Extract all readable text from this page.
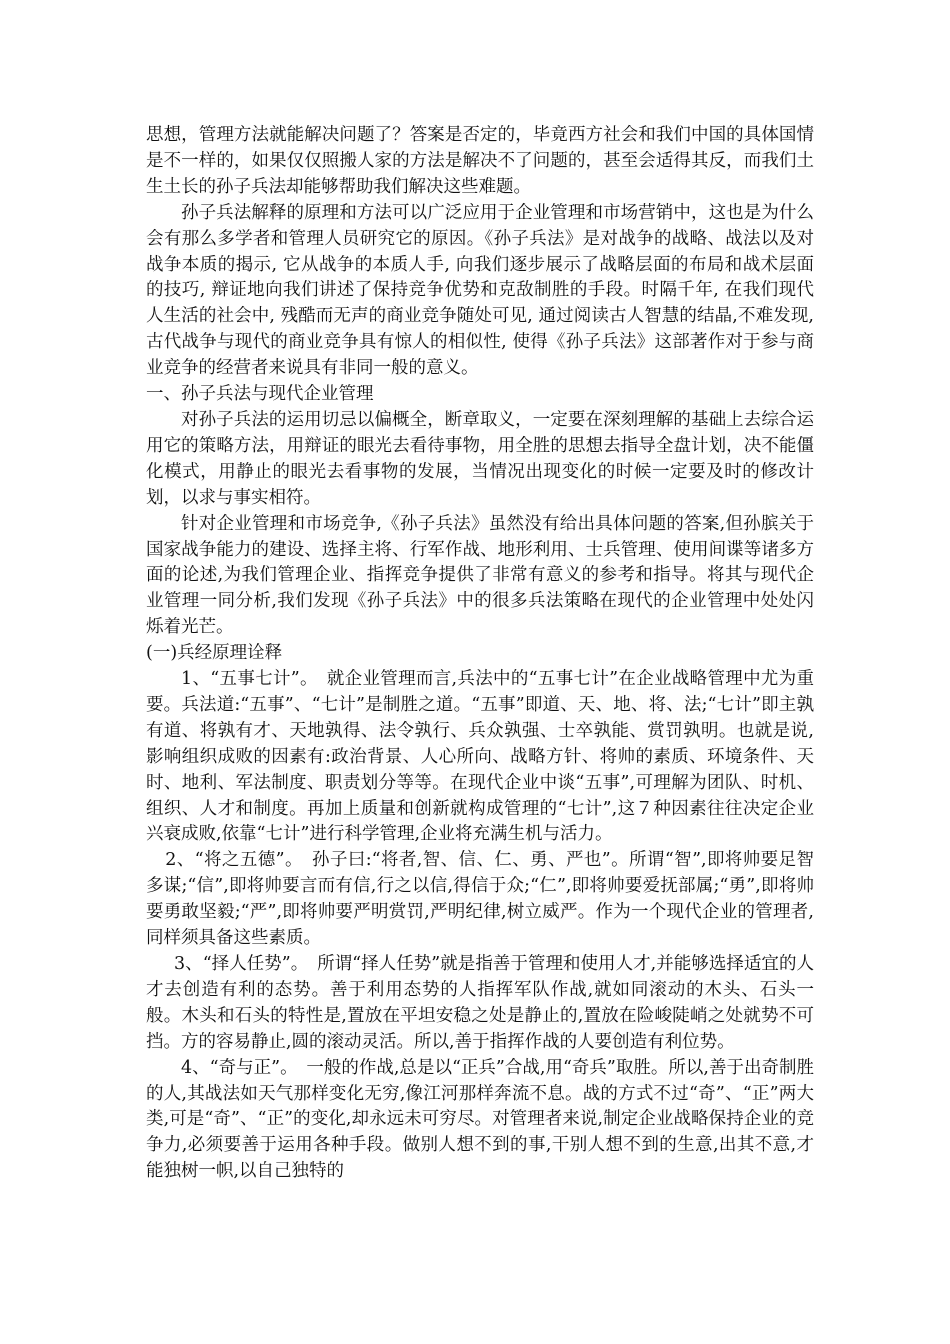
思想，管理方法就能解决问题了？答案是否定的，毕竟西方社会和我们中国的具体国情是不一样的，如果仅仅照搬人家的方法是解决不了问题的，甚至会适得其反，而我们土生土长的孙子兵法却能够帮助我们解决这些难题。

孙子兵法解释的原理和方法可以广泛应用于企业管理和市场营销中，这也是为什么会有那么多学者和管理人员研究它的原因。《孙子兵法》是对战争的战略、战法以及对战争本质的揭示, 它从战争的本质人手, 向我们逐步展示了战略层面的布局和战术层面的技巧, 辩证地向我们讲述了保持竞争优势和克敌制胜的手段。时隔千年, 在我们现代人生活的社会中, 残酷而无声的商业竞争随处可见, 通过阅读古人智慧的结晶,不难发现, 古代战争与现代的商业竞争具有惊人的相似性, 使得《孙子兵法》这部著作对于参与商业竞争的经营者来说具有非同一般的意义。

一、孙子兵法与现代企业管理

对孙子兵法的运用切忌以偏概全，断章取义，一定要在深刻理解的基础上去综合运用它的策略方法，用辩证的眼光去看待事物，用全胜的思想去指导全盘计划，决不能僵化模式，用静止的眼光去看事物的发展，当情况出现变化的时候一定要及时的修改计划，以求与事实相符。

针对企业管理和市场竞争,《孙子兵法》虽然没有给出具体问题的答案,但孙膑关于国家战争能力的建设、选择主将、行军作战、地形利用、士兵管理、使用间谍等诸多方面的论述,为我们管理企业、指挥竞争提供了非常有意义的参考和指导。将其与现代企业管理一同分析,我们发现《孙子兵法》中的很多兵法策略在现代的企业管理中处处闪烁着光芒。

(一)兵经原理诠释

1、“五事七计”。　就企业管理而言,兵法中的“五事七计”在企业战略管理中尤为重要。兵法道:“五事”、“七计”是制胜之道。“五事”即道、天、地、将、法;“七计”即主孰有道、将孰有才、天地孰得、法令孰行、兵众孰强、士卒孰能、赏罚孰明。也就是说,影响组织成败的因素有:政治背景、人心所向、战略方针、将帅的素质、环境条件、天时、地利、军法制度、职责划分等等。在现代企业中谈“五事”,可理解为团队、时机、组织、人才和制度。再加上质量和创新就构成管理的“七计”,这７种因素往往决定企业兴衰成败,依靠“七计”进行科学管理,企业将充满生机与活力。

2、“将之五德”。　孙子曰:“将者,智、信、仁、勇、严也”。所谓“智”,即将帅要足智多谋;“信”,即将帅要言而有信,行之以信,得信于众;“仁”,即将帅要爱抚部属;“勇”,即将帅要勇敢坚毅;“严”,即将帅要严明赏罚,严明纪律,树立威严。作为一个现代企业的管理者,同样须具备这些素质。

3、“择人任势”。　所谓“择人任势”就是指善于管理和使用人才,并能够选择适宜的人才去创造有利的态势。善于利用态势的人指挥军队作战,就如同滚动的木头、石头一般。木头和石头的特性是,置放在平坦安稳之处是静止的,置放在险峻陡峭之处就势不可挡。方的容易静止,圆的滚动灵活。所以,善于指挥作战的人要创造有利位势。

4、“奇与正”。　一般的作战,总是以“正兵”合战,用“奇兵”取胜。所以,善于出奇制胜的人,其战法如天气那样变化无穷,像江河那样奔流不息。战的方式不过“奇”、“正”两大类,可是“奇”、“正”的变化,却永远未可穷尽。对管理者来说,制定企业战略保持企业的竞争力,必须要善于运用各种手段。做别人想不到的事,干别人想不到的生意,出其不意,才能独树一帜,以自己独特的
